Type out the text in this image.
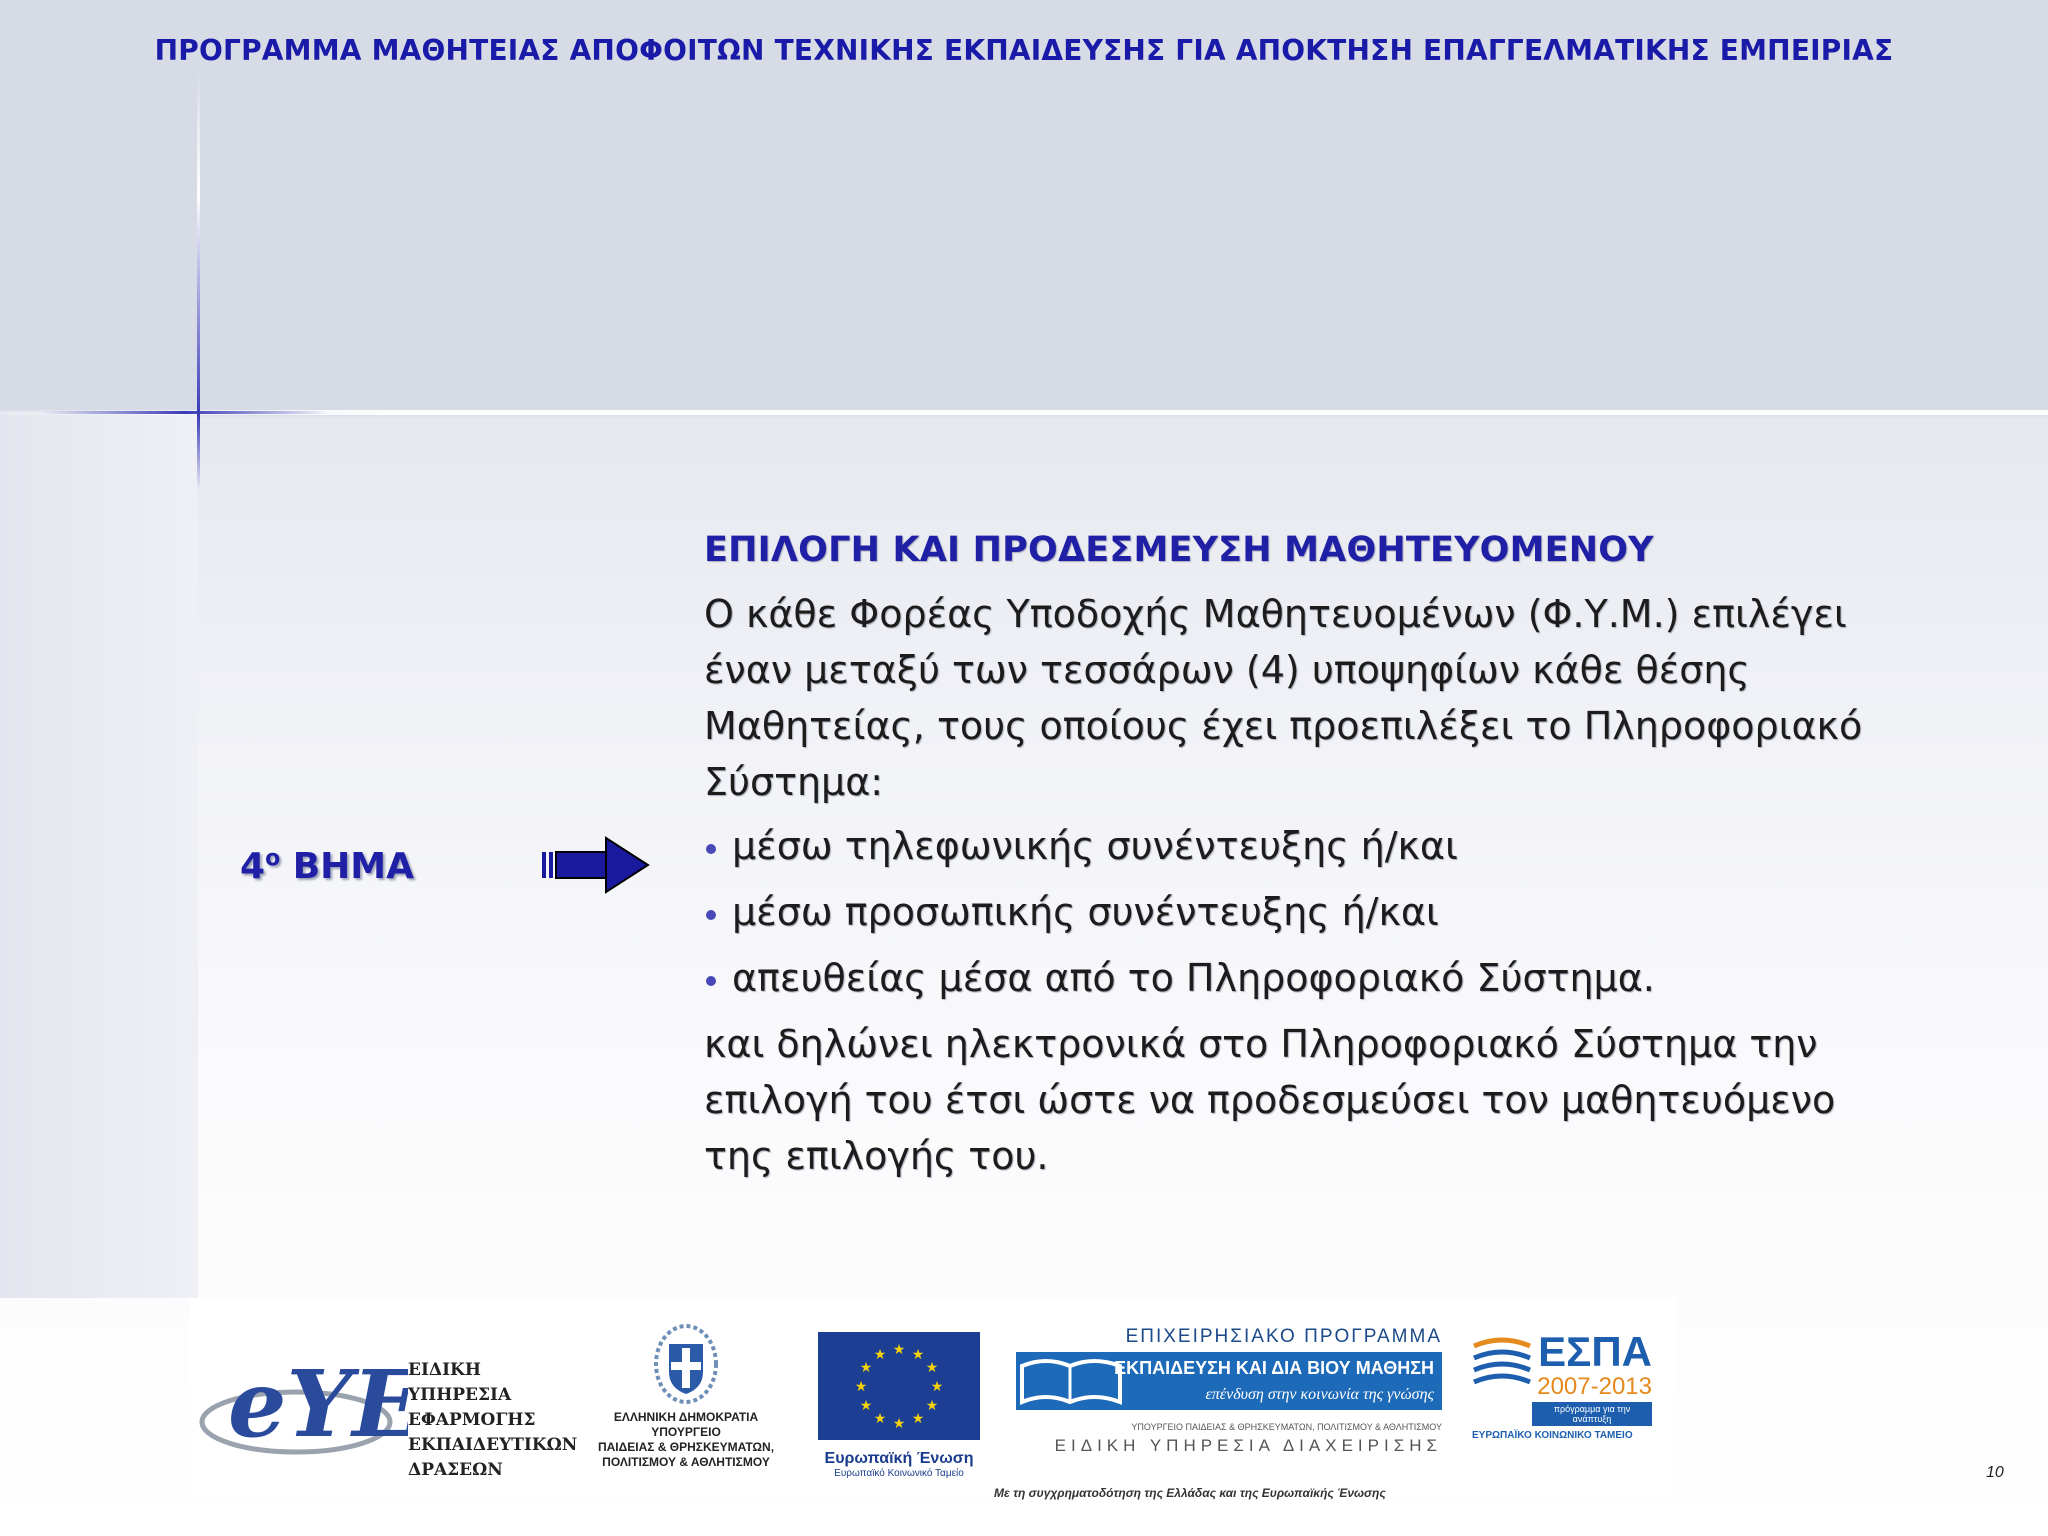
ΠΡΟΓΡΑΜΜΑ ΜΑΘΗΤΕΙΑΣ ΑΠΟΦΟΙΤΩΝ ΤΕΧΝΙΚΗΣ ΕΚΠΑΙΔΕΥΣΗΣ ΓΙΑ ΑΠΟΚΤΗΣΗ ΕΠΑΓΓΕΛΜΑΤΙΚΗΣ ΕΜΠΕΙΡΙΑΣ
$4^o$ ΒΗΜΑ
ΕΠΙΛΟΓΗ ΚΑΙ ΠΡΟΔΕΣΜΕΥΣΗ ΜΑΘΗΤΕΥΟΜΕΝΟΥ

Ο κάθε Φορέας Υποδοχής Μαθητευομένων (Φ.Υ.Μ.) επιλέγει έναν μεταξύ των τεσσάρων (4) υποψηφίων κάθε θέσης Μαθητείας, τους οποίους έχει προεπιλέξει το Πληροφοριακό Σύστημα:

μέσω τηλεφωνικής συνέντευξης ή/και
μέσω προσωπικής συνέντευξης ή/και
απευθείας μέσα από το Πληροφοριακό Σύστημα.

και δηλώνει ηλεκτρονικά στο Πληροφοριακό Σύστημα την επιλογή του έτσι ώστε να προδεσμεύσει τον μαθητευόμενο της επιλογής του.

eYE
ΕΙΔΙΚΗ
ΥΠΗΡΕΣΙΑ
ΕΦΑΡΜΟΓΗΣ
ΕΚΠΑΙΔΕΥΤΙΚΩΝ
ΔΡΑΣΕΩΝ
ΕΛΛΗΝΙΚΗ ΔΗΜΟΚΡΑΤΙΑ
ΥΠΟΥΡΓΕΙΟ
ΠΑΙΔΕΙΑΣ & ΘΡΗΣΚΕΥΜΑΤΩΝ,
ΠΟΛΙΤΙΣΜΟΥ & ΑΘΛΗΤΙΣΜΟΥ
★ ★
★
★
★
★
★
★
★
★
★
★
Ευρωπαϊκή Ένωση
Ευρωπαϊκό Κοινωνικό Ταμείο
ΕΠΙΧΕΙΡΗΣΙΑΚΟ ΠΡΟΓΡΑΜΜΑ
ΕΚΠΑΙΔΕΥΣΗ ΚΑΙ ΔΙΑ ΒΙΟΥ ΜΑΘΗΣΗ
επένδυση στην κοινωνία της γνώσης
ΥΠΟΥΡΓΕΙΟ ΠΑΙΔΕΙΑΣ & ΘΡΗΣΚΕΥΜΑΤΩΝ, ΠΟΛΙΤΙΣΜΟΥ & ΑΘΛΗΤΙΣΜΟΥ
ΕΙΔΙΚΗ ΥΠΗΡΕΣΙΑ ΔΙΑΧΕΙΡΙΣΗΣ
ΕΣΠΑ
2007-2013
πρόγραμμα για την ανάπτυξη
ΕΥΡΩΠΑΪΚΟ ΚΟΙΝΩΝΙΚΟ ΤΑΜΕΙΟ
Με τη συγχρηματοδότηση της Ελλάδας και της Ευρωπαϊκής Ένωσης
10
